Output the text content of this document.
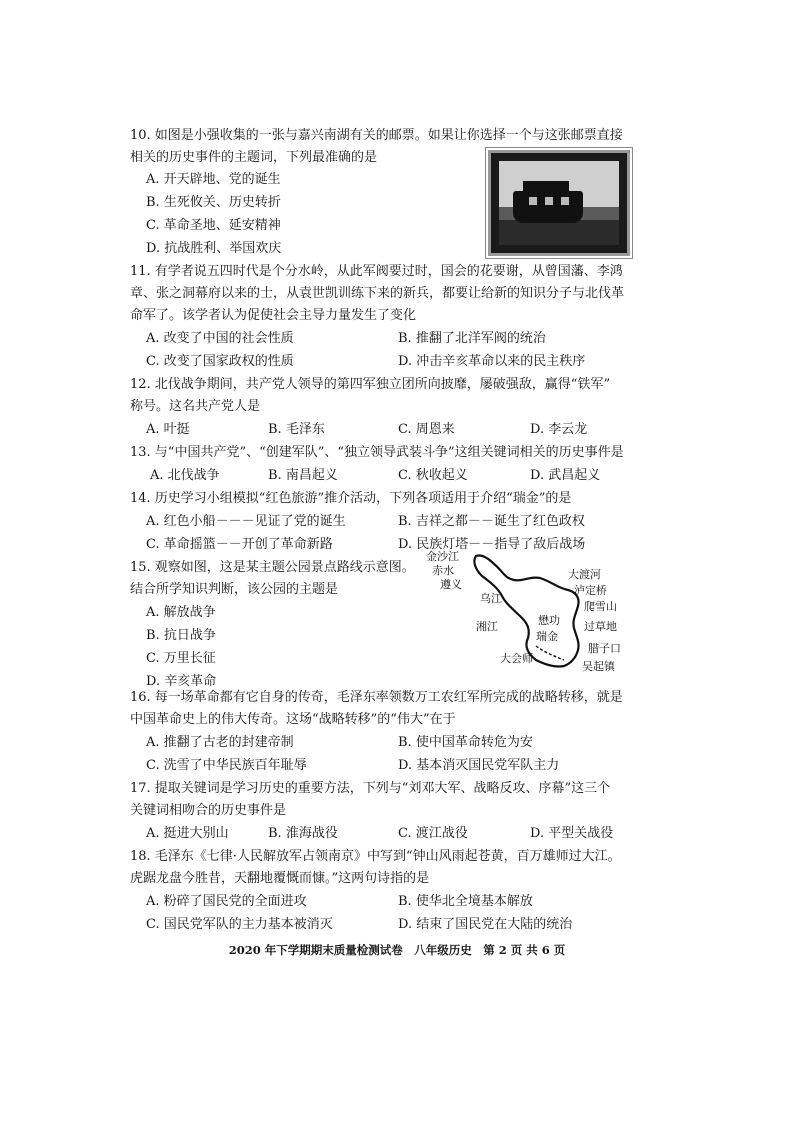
10. 如图是小强收集的一张与嘉兴南湖有关的邮票。如果让你选择一个与这张邮票直接
相关的历史事件的主题词，下列最准确的是
A. 开天辟地、党的诞生
B. 生死攸关、历史转折
C. 革命圣地、延安精神
D. 抗战胜利、举国欢庆
11. 有学者说五四时代是个分水岭，从此军阀要过时，国会的花要谢，从曾国藩、李鸿
章、张之洞幕府以来的士，从袁世凯训练下来的新兵，都要让给新的知识分子与北伐革
命军了。该学者认为促使社会主导力量发生了变化
A. 改变了中国的社会性质	B. 推翻了北洋军阀的统治
C. 改变了国家政权的性质	D. 冲击辛亥革命以来的民主秩序
12. 北伐战争期间，共产党人领导的第四军独立团所向披靡，屡破强敌，赢得“铁军”
称号。这名共产党人是
A. 叶挺	B. 毛泽东	C. 周恩来	D. 李云龙
13. 与“中国共产党”、“创建军队”、“独立领导武装斗争”这组关键词相关的历史事件是
A. 北伐战争	B. 南昌起义	C. 秋收起义	D. 武昌起义
14. 历史学习小组模拟“红色旅游”推介活动，下列各项适用于介绍“瑞金”的是
A. 红色小船－－－见证了党的诞生	B. 吉祥之都－－诞生了红色政权
C. 革命摇篮－－开创了革命新路	D. 民族灯塔－－指导了敌后战场
15. 观察如图，这是某主题公园景点路线示意图。
结合所学知识判断，该公园的主题是
A. 解放战争
B. 抗日战争
C. 万里长征
D. 辛亥革命
金沙江
赤水
遵义
乌江
大渡河
泸定桥
爬雪山
湘江
瑞金
过草地
腊子口
大会师
吴起镇
懋功
16. 每一场革命都有它自身的传奇，毛泽东率领数万工农红军所完成的战略转移，就是
中国革命史上的伟大传奇。这场“战略转移”的“伟大”在于
A. 推翻了古老的封建帝制	B. 使中国革命转危为安
C. 洗雪了中华民族百年耻辱	D. 基本消灭国民党军队主力
17. 提取关键词是学习历史的重要方法，下列与“刘邓大军、战略反攻、序幕”这三个
关键词相吻合的历史事件是
A. 挺进大别山	B. 淮海战役	C. 渡江战役	D. 平型关战役
18. 毛泽东《七律·人民解放军占领南京》中写到“钟山风雨起苍黄，百万雄师过大江。
虎踞龙盘今胜昔，天翻地覆慨而慷。”这两句诗指的是
A. 粉碎了国民党的全面进攻	B. 使华北全境基本解放
C. 国民党军队的主力基本被消灭	D. 结束了国民党在大陆的统治
2020 年下学期期末质量检测试卷　八年级历史　第 2 页 共 6 页
